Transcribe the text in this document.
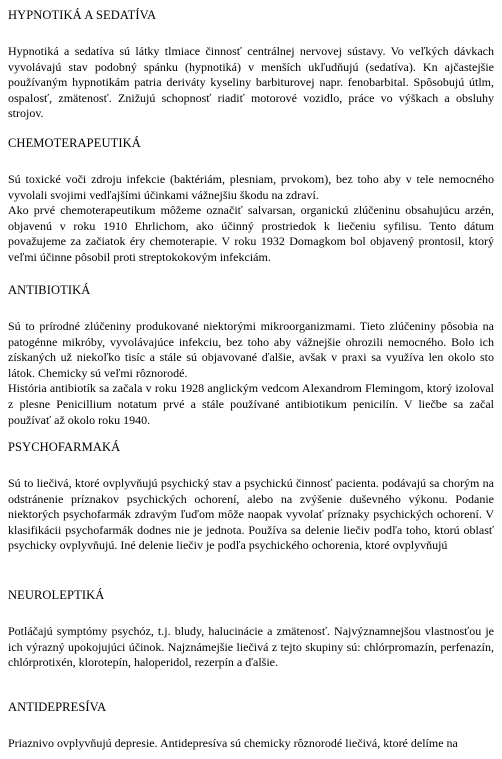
HYPNOTIKÁ A SEDATÍVA

Hypnotiká a sedatíva sú látky tlmiace činnosť centrálnej nervovej sústavy. Vo veľkých dávkach vyvolávajú stav podobný spánku (hypnotiká) v menších ukľudňujú (sedatíva). Kn ajčastejšie používaným hypnotikám patria deriváty kyseliny barbiturovej napr. fenobarbital. Spôsobujú útlm, ospalosť, zmätenosť. Znižujú schopnosť riadiť motorové vozidlo, práce vo výškach a obsluhy strojov.

CHEMOTERAPEUTIKÁ

Sú toxické voči zdroju infekcie (baktériám, plesniam, prvokom), bez toho aby v tele nemocného vyvolali svojimi vedľajšími účinkami vážnejšiu škodu na zdraví.

Ako prvé chemoterapeutikum môžeme označiť salvarsan, organickú zlúčeninu obsahujúcu arzén, objavenú v roku 1910 Ehrlichom, ako účinný prostriedok k liečeniu syfilisu. Tento dátum považujeme za začiatok éry chemoterapie. V roku 1932 Domagkom bol objavený prontosil, ktorý veľmi účinne pôsobil proti streptokokovým infekciám.

ANTIBIOTIKÁ

Sú to prírodné zlúčeniny produkované niektorými mikroorganizmami. Tieto zlúčeniny pôsobia na patogénne mikróby, vyvolávajúce infekciu, bez toho aby vážnejšie ohrozili nemocného. Bolo ich získaných už niekoľko tisíc a stále sú objavované ďalšie, avšak v praxi sa využíva len okolo sto látok. Chemicky sú veľmi rôznorodé.

História antibiotík sa začala v roku 1928 anglickým vedcom Alexandrom Flemingom, ktorý izoloval z plesne Penicillium notatum prvé a stále používané antibiotikum penicilín. V liečbe sa začal používať až okolo roku 1940.

PSYCHOFARMAKÁ

Sú to liečivá, ktoré ovplyvňujú psychický stav a psychickú činnosť pacienta. podávajú sa chorým na odstránenie príznakov psychických ochorení, alebo na zvýšenie duševného výkonu. Podanie niektorých psychofarmák zdravým ľuďom môže naopak vyvolať príznaky psychických ochorení. V klasifikácii psychofarmák dodnes nie je jednota. Používa sa delenie liečiv podľa toho, ktorú oblasť psychicky ovplyvňujú. Iné delenie liečiv je podľa psychického ochorenia, ktoré ovplyvňujú

NEUROLEPTIKÁ

Potláčajú symptómy psychóz, t.j. bludy, halucinácie a zmätenosť. Najvýznamnejšou vlastnosťou je ich výrazný upokojujúci účinok. Najznámejšie liečivá z tejto skupiny sú: chlórpromazín, perfenazín, chlórprotixén, klorotepín, haloperidol, rezerpín a ďalšie.

ANTIDEPRESÍVA

Priaznivo ovplyvňujú depresie. Antidepresíva sú chemicky rôznorodé liečivá, ktoré delíme na
